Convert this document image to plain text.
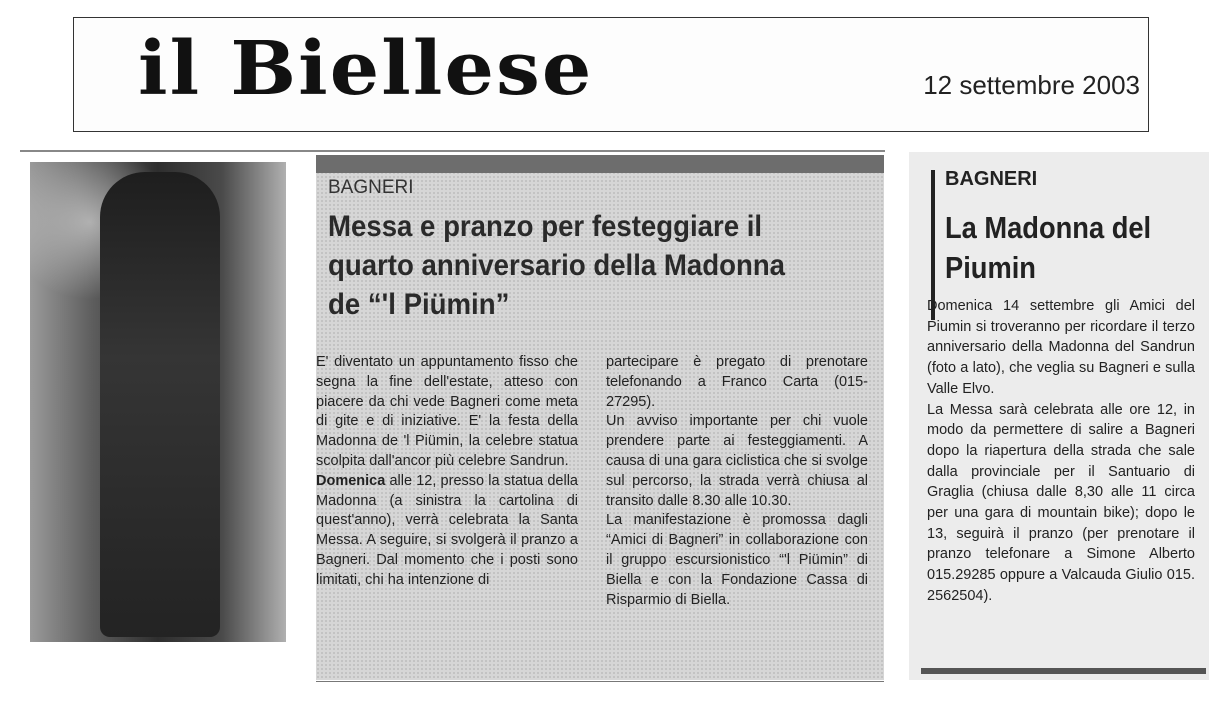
il Biellese	12 settembre 2003
BAGNERI
Messa e pranzo per festeggiare il quarto anniversario della Madonna de “'l Piümin”

E' diventato un appuntamento fisso che segna la fine dell'estate, atteso con piacere da chi vede Bagneri come meta di gite e di iniziative. E' la festa della Madonna de 'l Piümin, la celebre statua scolpita dall'ancor più celebre Sandrun.

Domenica alle 12, presso la statua della Madonna (a sinistra la cartolina di quest'anno), verrà celebrata la Santa Messa. A seguire, si svolgerà il pranzo a Bagneri. Dal momento che i posti sono limitati, chi ha intenzione di

partecipare è pregato di prenotare telefonando a Franco Carta (015-27295).

Un avviso importante per chi vuole prendere parte ai festeggiamenti. A causa di una gara ciclistica che si svolge sul percorso, la strada verrà chiusa al transito dalle 8.30 alle 10.30.

La manifestazione è promossa dagli “Amici di Bagneri” in collaborazione con il gruppo escursionistico “'l Piümin” di Biella e con la Fondazione Cassa di Risparmio di Biella.

BAGNERI
La Madonna del Piumin

Domenica 14 settembre gli Amici del Piumin si troveranno per ricordare il terzo anniversario della Madonna del Sandrun (foto a lato), che veglia su Bagneri e sulla Valle Elvo.

La Messa sarà celebrata alle ore 12, in modo da permettere di salire a Bagneri dopo la riapertura della strada che sale dalla provinciale per il Santuario di Graglia (chiusa dalle 8,30 alle 11 circa per una gara di mountain bike); dopo le 13, seguirà il pranzo (per prenotare il pranzo telefonare a Simone Alberto 015.29285 oppure a Valcauda Giulio 015. 2562504).
